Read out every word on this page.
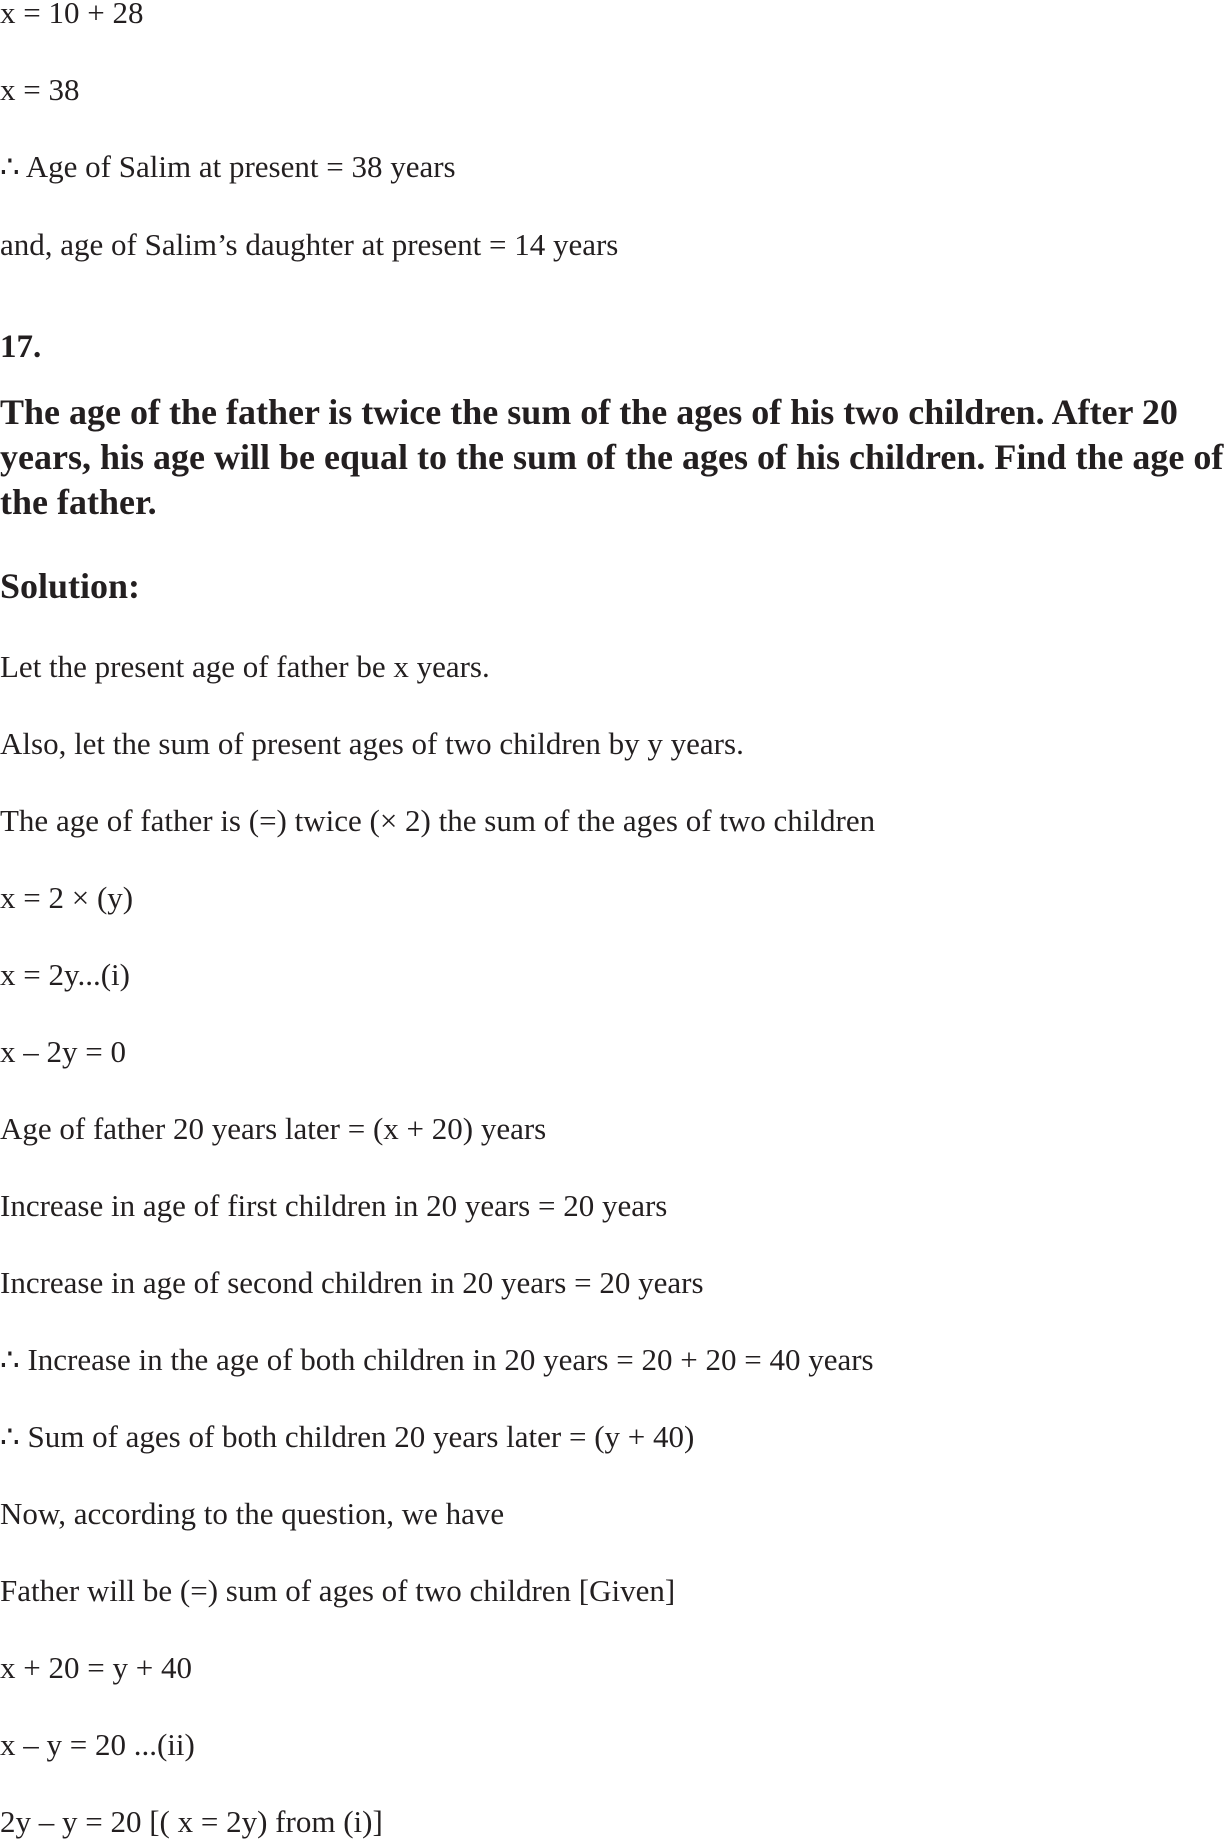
x = 10 + 28

x = 38

∴ Age of Salim at present = 38 years

and, age of Salim’s daughter at present = 14 years

17.

The age of the father is twice the sum of the ages of his two children. After 20 years, his age will be equal to the sum of the ages of his children. Find the age of the father.

Solution:

Let the present age of father be x years.

Also, let the sum of present ages of two children by y years.

The age of father is (=) twice (× 2) the sum of the ages of two children

x = 2 × (y)

x = 2y...(i)

x – 2y = 0

Age of father 20 years later = (x + 20) years

Increase in age of first children in 20 years = 20 years

Increase in age of second children in 20 years = 20 years

∴ Increase in the age of both children in 20 years = 20 + 20 = 40 years

∴ Sum of ages of both children 20 years later = (y + 40)

Now, according to the question, we have

Father will be (=) sum of ages of two children [Given]

x + 20 = y + 40

x – y = 20 ...(ii)

2y – y = 20 [( x = 2y) from (i)]
